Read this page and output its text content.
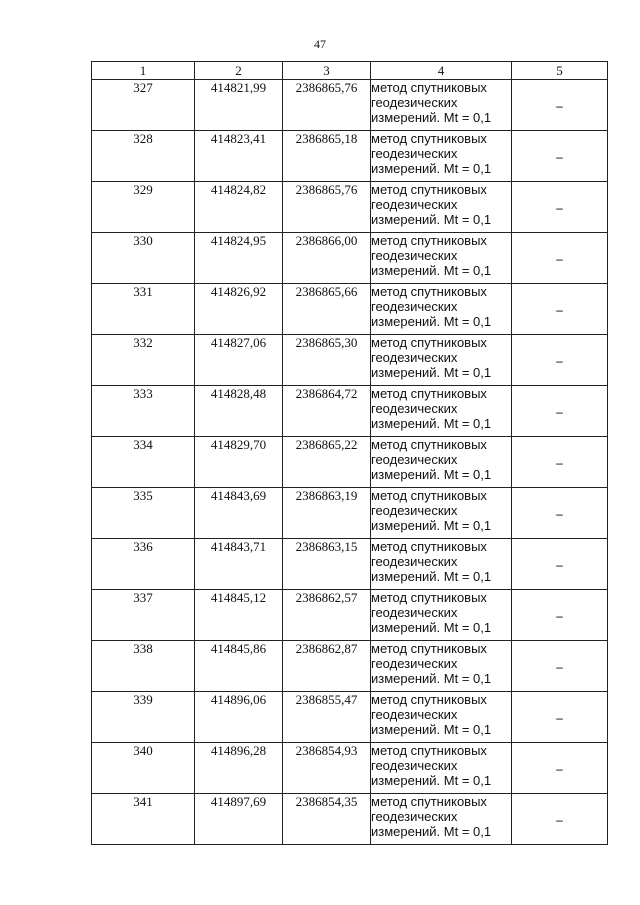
47
1	2	3	4	5
327	414821,99	2386865,76	метод спутниковых
геодезических
измерений. Mt = 0,1	–
328	414823,41	2386865,18	метод спутниковых
геодезических
измерений. Mt = 0,1	–
329	414824,82	2386865,76	метод спутниковых
геодезических
измерений. Mt = 0,1	–
330	414824,95	2386866,00	метод спутниковых
геодезических
измерений. Mt = 0,1	–
331	414826,92	2386865,66	метод спутниковых
геодезических
измерений. Mt = 0,1	–
332	414827,06	2386865,30	метод спутниковых
геодезических
измерений. Mt = 0,1	–
333	414828,48	2386864,72	метод спутниковых
геодезических
измерений. Mt = 0,1	–
334	414829,70	2386865,22	метод спутниковых
геодезических
измерений. Mt = 0,1	–
335	414843,69	2386863,19	метод спутниковых
геодезических
измерений. Mt = 0,1	–
336	414843,71	2386863,15	метод спутниковых
геодезических
измерений. Mt = 0,1	–
337	414845,12	2386862,57	метод спутниковых
геодезических
измерений. Mt = 0,1	–
338	414845,86	2386862,87	метод спутниковых
геодезических
измерений. Mt = 0,1	–
339	414896,06	2386855,47	метод спутниковых
геодезических
измерений. Mt = 0,1	–
340	414896,28	2386854,93	метод спутниковых
геодезических
измерений. Mt = 0,1	–
341	414897,69	2386854,35	метод спутниковых
геодезических
измерений. Mt = 0,1	–
